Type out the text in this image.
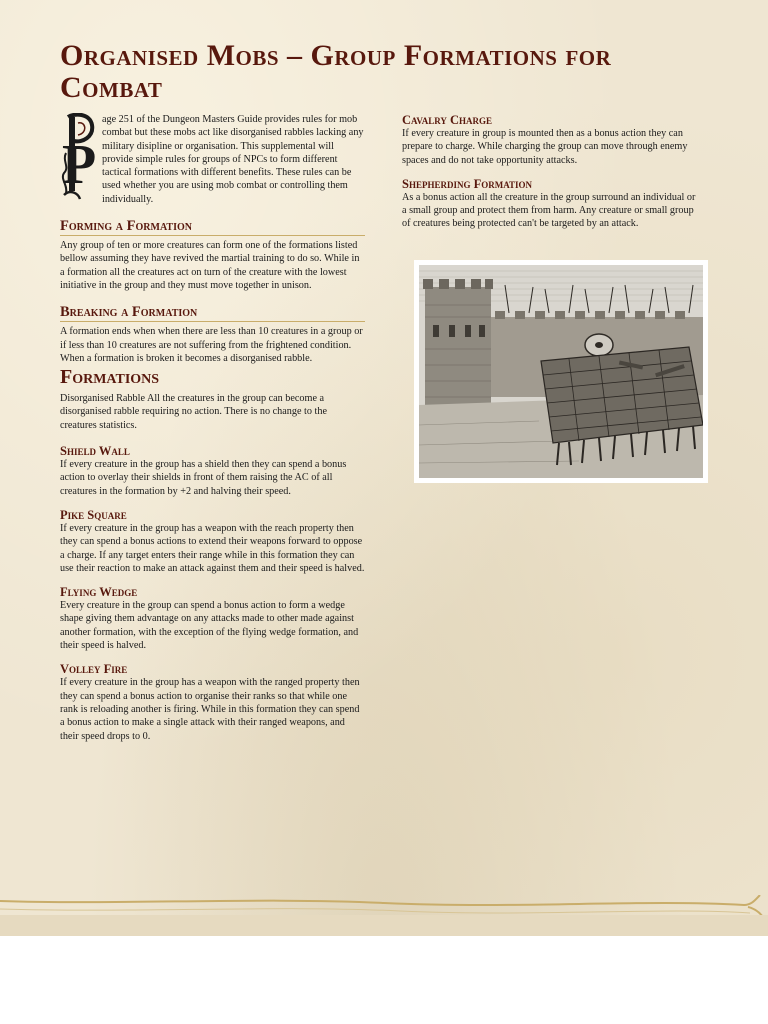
Organised Mobs – Group Formations for Combat
P

age 251 of the Dungeon Masters Guide provides rules for mob combat but these mobs act like disorganised rabbles lacking any military disipline or organisation. This supplemental will provide simple rules for groups of NPCs to form different tactical formations with different benefits. These rules can be used whether you are using mob combat or controlling them individually.

Forming a Formation

Any group of ten or more creatures can form one of the formations listed bellow assuming they have revived the martial training to do so. While in a formation all the creatures act on turn of the creature with the lowest initiative in the group and they must move together in unison.

Breaking a Formation

A formation ends when when there are less than 10 creatures in a group or if less than 10 creatures are not suffering from the frightened condition. When a formation is broken it becomes a disorganised rabble.

Formations

Disorganised Rabble All the creatures in the group can become a disorganised rabble requiring no action. There is no change to the creatures statistics.

Shield Wall

If every creature in the group has a shield then they can spend a bonus action to overlay their shields in front of them raising the AC of all creatures in the formation by +2 and halving their speed.

Pike Square

If every creature in the group has a weapon with the reach property then they can spend a bonus actions to extend their weapons forward to oppose a charge. If any target enters their range while in this formation they can use their reaction to make an attack against them and their speed is halved.

Flying Wedge

Every creature in the group can spend a bonus action to form a wedge shape giving them advantage on any attacks made to other made against another formation, with the exception of the flying wedge formation, and their speed is halved.

Volley Fire

If every creature in the group has a weapon with the ranged property then they can spend a bonus action to organise their ranks so that while one rank is reloading another is firing. While in this formation they can spend a bonus action to make a single attack with their ranged weapons, and their speed drops to 0.

Cavalry Charge

If every creature in group is mounted then as a bonus action they can prepare to charge. While charging the group can move through enemy spaces and do not take opportunity attacks.

Shepherding Formation

As a bonus action all the creature in the group surround an individual or a small group and protect them from harm. Any creature or small group of creatures being protected can't be targeted by an attack.
